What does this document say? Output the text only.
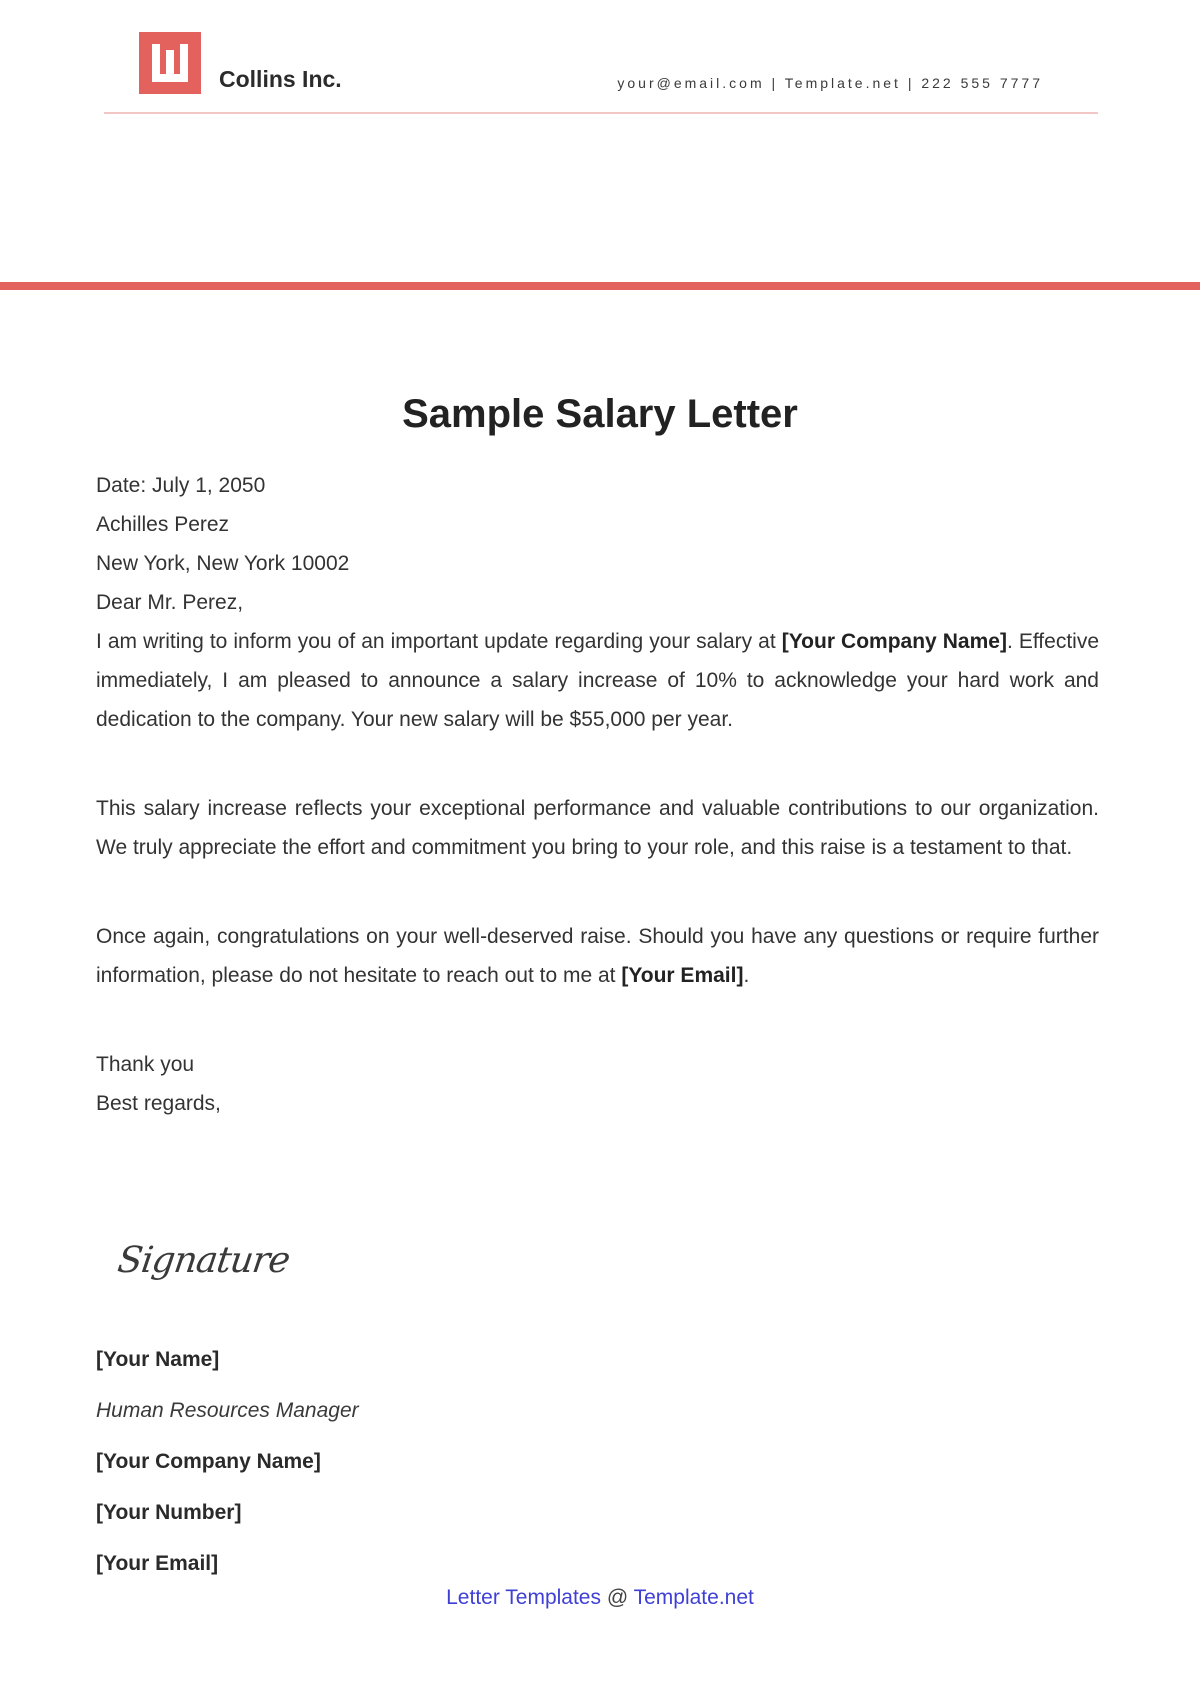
Collins Inc.	your@email.com | Template.net | 222 555 7777
Sample Salary Letter

Date: July 1, 2050

Achilles Perez

New York, New York 10002

Dear Mr. Perez,

I am writing to inform you of an important update regarding your salary at [Your Company Name]. Effective immediately, I am pleased to announce a salary increase of 10% to acknowledge your hard work and dedication to the company. Your new salary will be $55,000 per year.

This salary increase reflects your exceptional performance and valuable contributions to our organization. We truly appreciate the effort and commitment you bring to your role, and this raise is a testament to that.

Once again, congratulations on your well-deserved raise. Should you have any questions or require further information, please do not hesitate to reach out to me at [Your Email].

Thank you

Best regards,

Signature
[Your Name]
Human Resources Manager
[Your Company Name]
[Your Number]
[Your Email]
Letter Templates @ Template.net
